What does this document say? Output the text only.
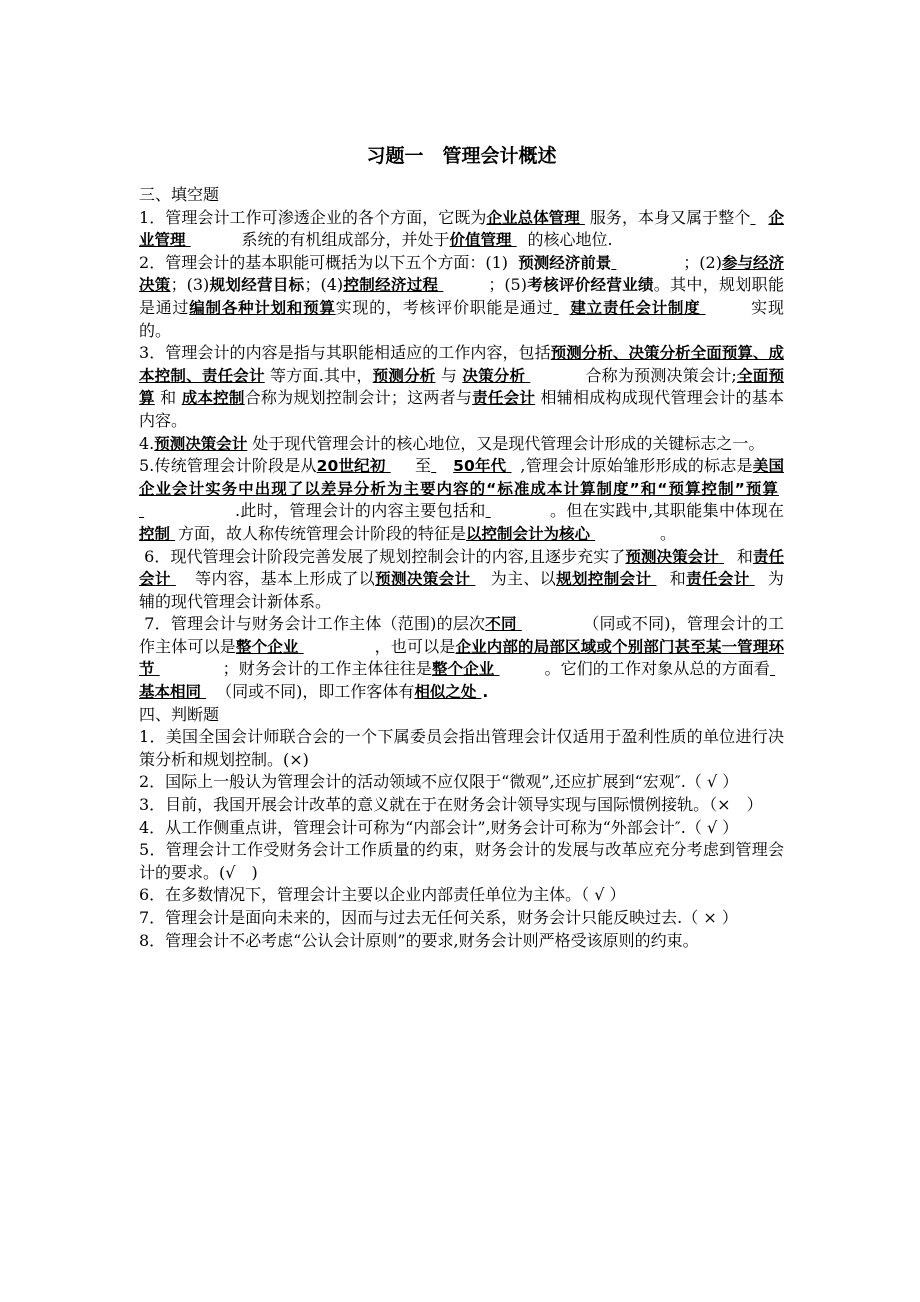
习题一　管理会计概述

三、填空题

1．管理会计工作可渗透企业的各个方面，它既为企业总体管理 服务，本身又属于整个 企业管理	系统的有机组成部分，并处于价值管理 的核心地位.

2．管理会计的基本职能可概括为以下五个方面：(1) 预测经济前景	；(2)参与经济决策；(3)规划经营目标；(4)控制经济过程	；(5)考核评价经营业绩。其中，规划职能是通过编制各种计划和预算实现的，考核评价职能是通过 建立责任会计制度	实现的。

3．管理会计的内容是指与其职能相适应的工作内容，包括预测分析、决策分析全面预算、成本控制、责任会计 等方面.其中，预测分析 与 决策分析	合称为预测决策会计;全面预算 和 成本控制合称为规划控制会计；这两者与责任会计 相辅相成构成现代管理会计的基本内容。

4.预测决策会计 处于现代管理会计的核心地位，又是现代管理会计形成的关键标志之一。

5.传统管理会计阶段是从20世纪初 至 50年代 ,管理会计原始雏形形成的标志是美国企业会计实务中出现了以差异分析为主要内容的“标准成本计算制度”和“预算控制”预算  .此时，管理会计的内容主要包括和	。但在实践中,其职能集中体现在控制 方面，故人称传统管理会计阶段的特征是以控制会计为核心	。

6．现代管理会计阶段完善发展了规划控制会计的内容,且逐步充实了预测决策会计 和责任会计 等内容，基本上形成了以预测决策会计 为主、以规划控制会计 和责任会计 为辅的现代管理会计新体系。

7．管理会计与财务会计工作主体（范围)的层次不同	（同或不同)，管理会计的工作主体可以是整个企业	，也可以是企业内部的局部区域或个别部门甚至某一管理环节	；财务会计的工作主体往往是整个企业	。它们的工作对象从总的方面看 基本相同 （同或不同)，即工作客体有相似之处 .

四、判断题

1．美国全国会计师联合会的一个下属委员会指出管理会计仅适用于盈利性质的单位进行决策分析和规划控制。(×)

2．国际上一般认为管理会计的活动领域不应仅限于“微观”,还应扩展到“宏观″.（ √ ）

3．目前，我国开展会计改革的意义就在于在财务会计领导实现与国际惯例接轨。（×　）

4．从工作侧重点讲，管理会计可称为“内部会计”,财务会计可称为“外部会计″.（ √ ）

5．管理会计工作受财务会计工作质量的约束，财务会计的发展与改革应充分考虑到管理会计的要求。(√　)

6．在多数情况下，管理会计主要以企业内部责任单位为主体。（ √ ）

7．管理会计是面向未来的，因而与过去无任何关系，财务会计只能反映过去.（ × ）

8．管理会计不必考虑“公认会计原则”的要求,财务会计则严格受该原则的约束。
